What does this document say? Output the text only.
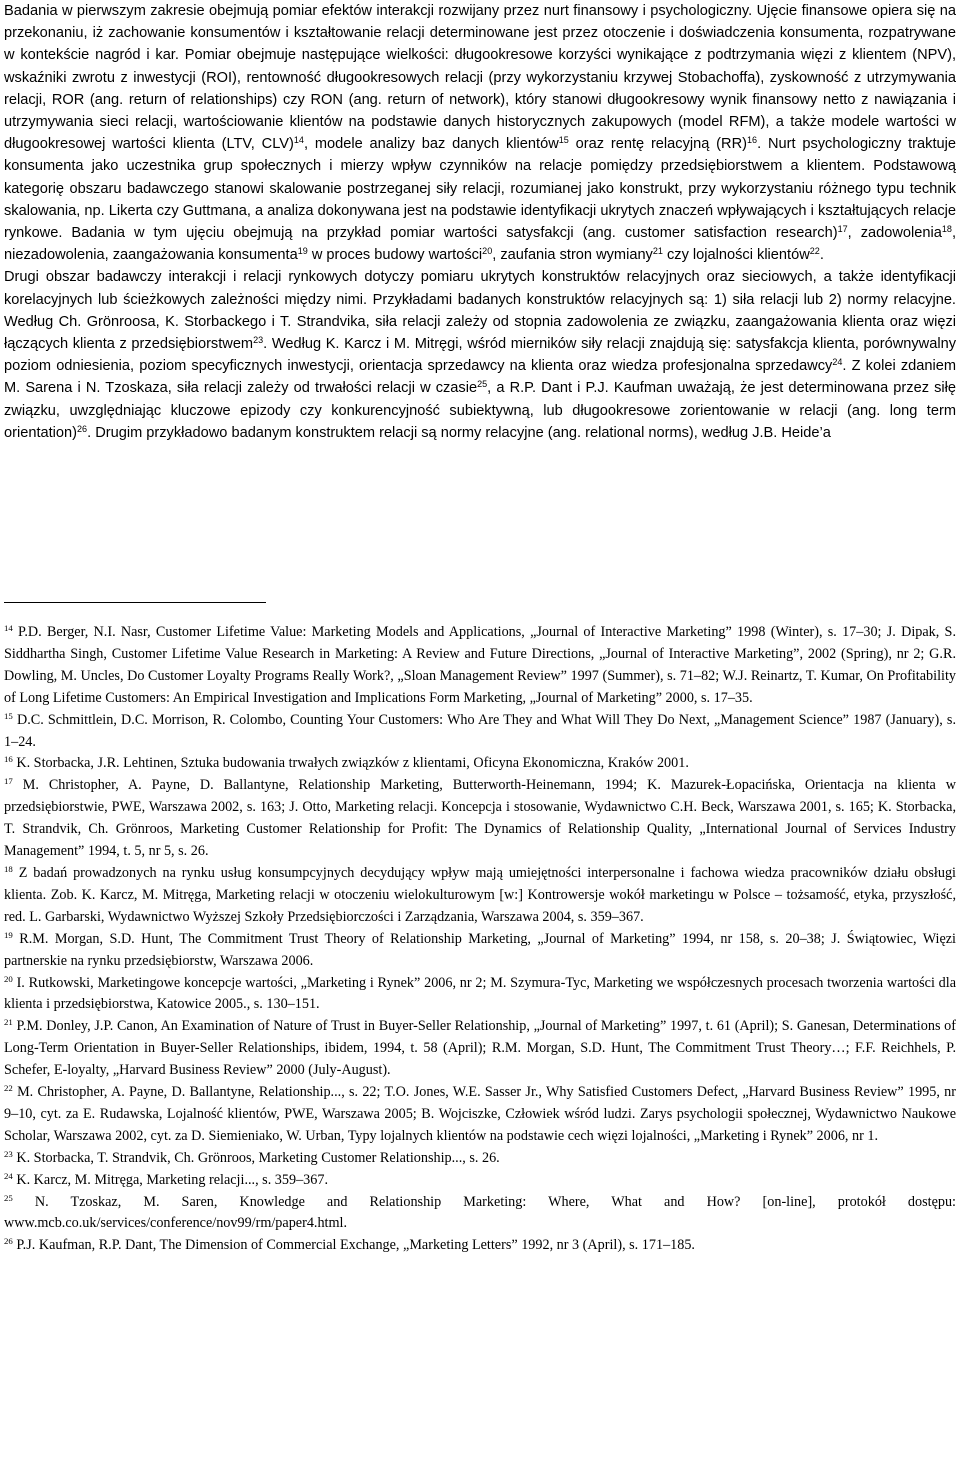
Badania w pierwszym zakresie obejmują pomiar efektów interakcji rozwijany przez nurt finansowy i psychologiczny. Ujęcie finansowe opiera się na przekonaniu, iż zachowanie konsumentów i kształtowanie relacji determinowane jest przez otoczenie i doświadczenia konsumenta, rozpatrywane w kontekście nagród i kar. Pomiar obejmuje następujące wielkości: długookresowe korzyści wynikające z podtrzymania więzi z klientem (NPV), wskaźniki zwrotu z inwestycji (ROI), rentowność długookresowych relacji (przy wykorzystaniu krzywej Stobachoffa), zyskowność z utrzymywania relacji, ROR (ang. return of relationships) czy RON (ang. return of network), który stanowi długookresowy wynik finansowy netto z nawiązania i utrzymywania sieci relacji, wartościowanie klientów na podstawie danych historycznych zakupowych (model RFM), a także modele wartości w długookresowej wartości klienta (LTV, CLV)$^{14}$, modele analizy baz danych klientów$^{15}$ oraz rentę relacyjną (RR)$^{16}$. Nurt psychologiczny traktuje konsumenta jako uczestnika grup społecznych i mierzy wpływ czynników na relacje pomiędzy przedsiębiorstwem a klientem. Podstawową kategorię obszaru badawczego stanowi skalowanie postrzeganej siły relacji, rozumianej jako konstrukt, przy wykorzystaniu różnego typu technik skalowania, np. Likerta czy Guttmana, a analiza dokonywana jest na podstawie identyfikacji ukrytych znaczeń wpływających i kształtujących relacje rynkowe. Badania w tym ujęciu obejmują na przykład pomiar wartości satysfakcji (ang. customer satisfaction research)$^{17}$, zadowolenia$^{18}$, niezadowolenia, zaangażowania konsumenta$^{19}$ w proces budowy wartości$^{20}$, zaufania stron wymiany$^{21}$ czy lojalności klientów$^{22}$.

Drugi obszar badawczy interakcji i relacji rynkowych dotyczy pomiaru ukrytych konstruktów relacyjnych oraz sieciowych, a także identyfikacji korelacyjnych lub ścieżkowych zależności między nimi. Przykładami badanych konstruktów relacyjnych są: 1) siła relacji lub 2) normy relacyjne. Według Ch. Grönroosa, K. Storbackego i T. Strandvika, siła relacji zależy od stopnia zadowolenia ze związku, zaangażowania klienta oraz więzi łączących klienta z przedsiębiorstwem$^{23}$. Według K. Karcz i M. Mitręgi, wśród mierników siły relacji znajdują się: satysfakcja klienta, porównywalny poziom odniesienia, poziom specyficznych inwestycji, orientacja sprzedawcy na klienta oraz wiedza profesjonalna sprzedawcy$^{24}$. Z kolei zdaniem M. Sarena i N. Tzoskaza, siła relacji zależy od trwałości relacji w czasie$^{25}$, a R.P. Dant i P.J. Kaufman uważają, że jest determinowana przez siłę związku, uwzględniając kluczowe epizody czy konkurencyjność subiektywną, lub długookresowe zorientowanie w relacji (ang. long term orientation)$^{26}$. Drugim przykładowo badanym konstruktem relacji są normy relacyjne (ang. relational norms), według J.B. Heide’a

$^{14}$ P.D. Berger, N.I. Nasr, Customer Lifetime Value: Marketing Models and Applications, „Journal of Interactive Marketing” 1998 (Winter), s. 17–30; J. Dipak, S. Siddhartha Singh, Customer Lifetime Value Research in Marketing: A Review and Future Directions, „Journal of Interactive Marketing”, 2002 (Spring), nr 2; G.R. Dowling, M. Uncles, Do Customer Loyalty Programs Really Work?, „Sloan Management Review” 1997 (Summer), s. 71–82; W.J. Reinartz, T. Kumar, On Profitability of Long Lifetime Customers: An Empirical Investigation and Implications Form Marketing, „Journal of Marketing” 2000, s. 17–35.

$^{15}$ D.C. Schmittlein, D.C. Morrison, R. Colombo, Counting Your Customers: Who Are They and What Will They Do Next, „Management Science” 1987 (January), s. 1–24.

$^{16}$ K. Storbacka, J.R. Lehtinen, Sztuka budowania trwałych związków z klientami, Oficyna Ekonomiczna, Kraków 2001.

$^{17}$ M. Christopher, A. Payne, D. Ballantyne, Relationship Marketing, Butterworth-Heinemann, 1994; K. Mazurek-Łopacińska, Orientacja na klienta w przedsiębiorstwie, PWE, Warszawa 2002, s. 163; J. Otto, Marketing relacji. Koncepcja i stosowanie, Wydawnictwo C.H. Beck, Warszawa 2001, s. 165; K. Storbacka, T. Strandvik, Ch. Grönroos, Marketing Customer Relationship for Profit: The Dynamics of Relationship Quality, „International Journal of Services Industry Management” 1994, t. 5, nr 5, s. 26.

$^{18}$ Z badań prowadzonych na rynku usług konsumpcyjnych decydujący wpływ mają umiejętności interpersonalne i fachowa wiedza pracowników działu obsługi klienta. Zob. K. Karcz, M. Mitręga, Marketing relacji w otoczeniu wielokulturowym [w:] Kontrowersje wokół marketingu w Polsce – tożsamość, etyka, przyszłość, red. L. Garbarski, Wydawnictwo Wyższej Szkoły Przedsiębiorczości i Zarządzania, Warszawa 2004, s. 359–367.

$^{19}$ R.M. Morgan, S.D. Hunt, The Commitment Trust Theory of Relationship Marketing, „Journal of Marketing” 1994, nr 158, s. 20–38; J. Świątowiec, Więzi partnerskie na rynku przedsiębiorstw, Warszawa 2006.

$^{20}$ I. Rutkowski, Marketingowe koncepcje wartości, „Marketing i Rynek” 2006, nr 2; M. Szymura-Tyc, Marketing we współczesnych procesach tworzenia wartości dla klienta i przedsiębiorstwa, Katowice 2005., s. 130–151.

$^{21}$ P.M. Donley, J.P. Canon, An Examination of Nature of Trust in Buyer-Seller Relationship, „Journal of Marketing” 1997, t. 61 (April); S. Ganesan, Determinations of Long-Term Orientation in Buyer-Seller Relationships, ibidem, 1994, t. 58 (April); R.M. Morgan, S.D. Hunt, The Commitment Trust Theory…; F.F. Reichhels, P. Schefer, E-loyalty, „Harvard Business Review” 2000 (July-August).

$^{22}$ M. Christopher, A. Payne, D. Ballantyne, Relationship..., s. 22; T.O. Jones, W.E. Sasser Jr., Why Satisfied Customers Defect, „Harvard Business Review” 1995, nr 9–10, cyt. za E. Rudawska, Lojalność klientów, PWE, Warszawa 2005; B. Wojciszke, Człowiek wśród ludzi. Zarys psychologii społecznej, Wydawnictwo Naukowe Scholar, Warszawa 2002, cyt. za D. Siemieniako, W. Urban, Typy lojalnych klientów na podstawie cech więzi lojalności, „Marketing i Rynek” 2006, nr 1.

$^{23}$ K. Storbacka, T. Strandvik, Ch. Grönroos, Marketing Customer Relationship..., s. 26.

$^{24}$ K. Karcz, M. Mitręga, Marketing relacji..., s. 359–367.

$^{25}$ N. Tzoskaz, M. Saren, Knowledge and Relationship Marketing: Where, What and How? [on-line], protokół dostępu: www.mcb.co.uk/services/conference/nov99/rm/paper4.html.

$^{26}$ P.J. Kaufman, R.P. Dant, The Dimension of Commercial Exchange, „Marketing Letters” 1992, nr 3 (April), s. 171–185.
